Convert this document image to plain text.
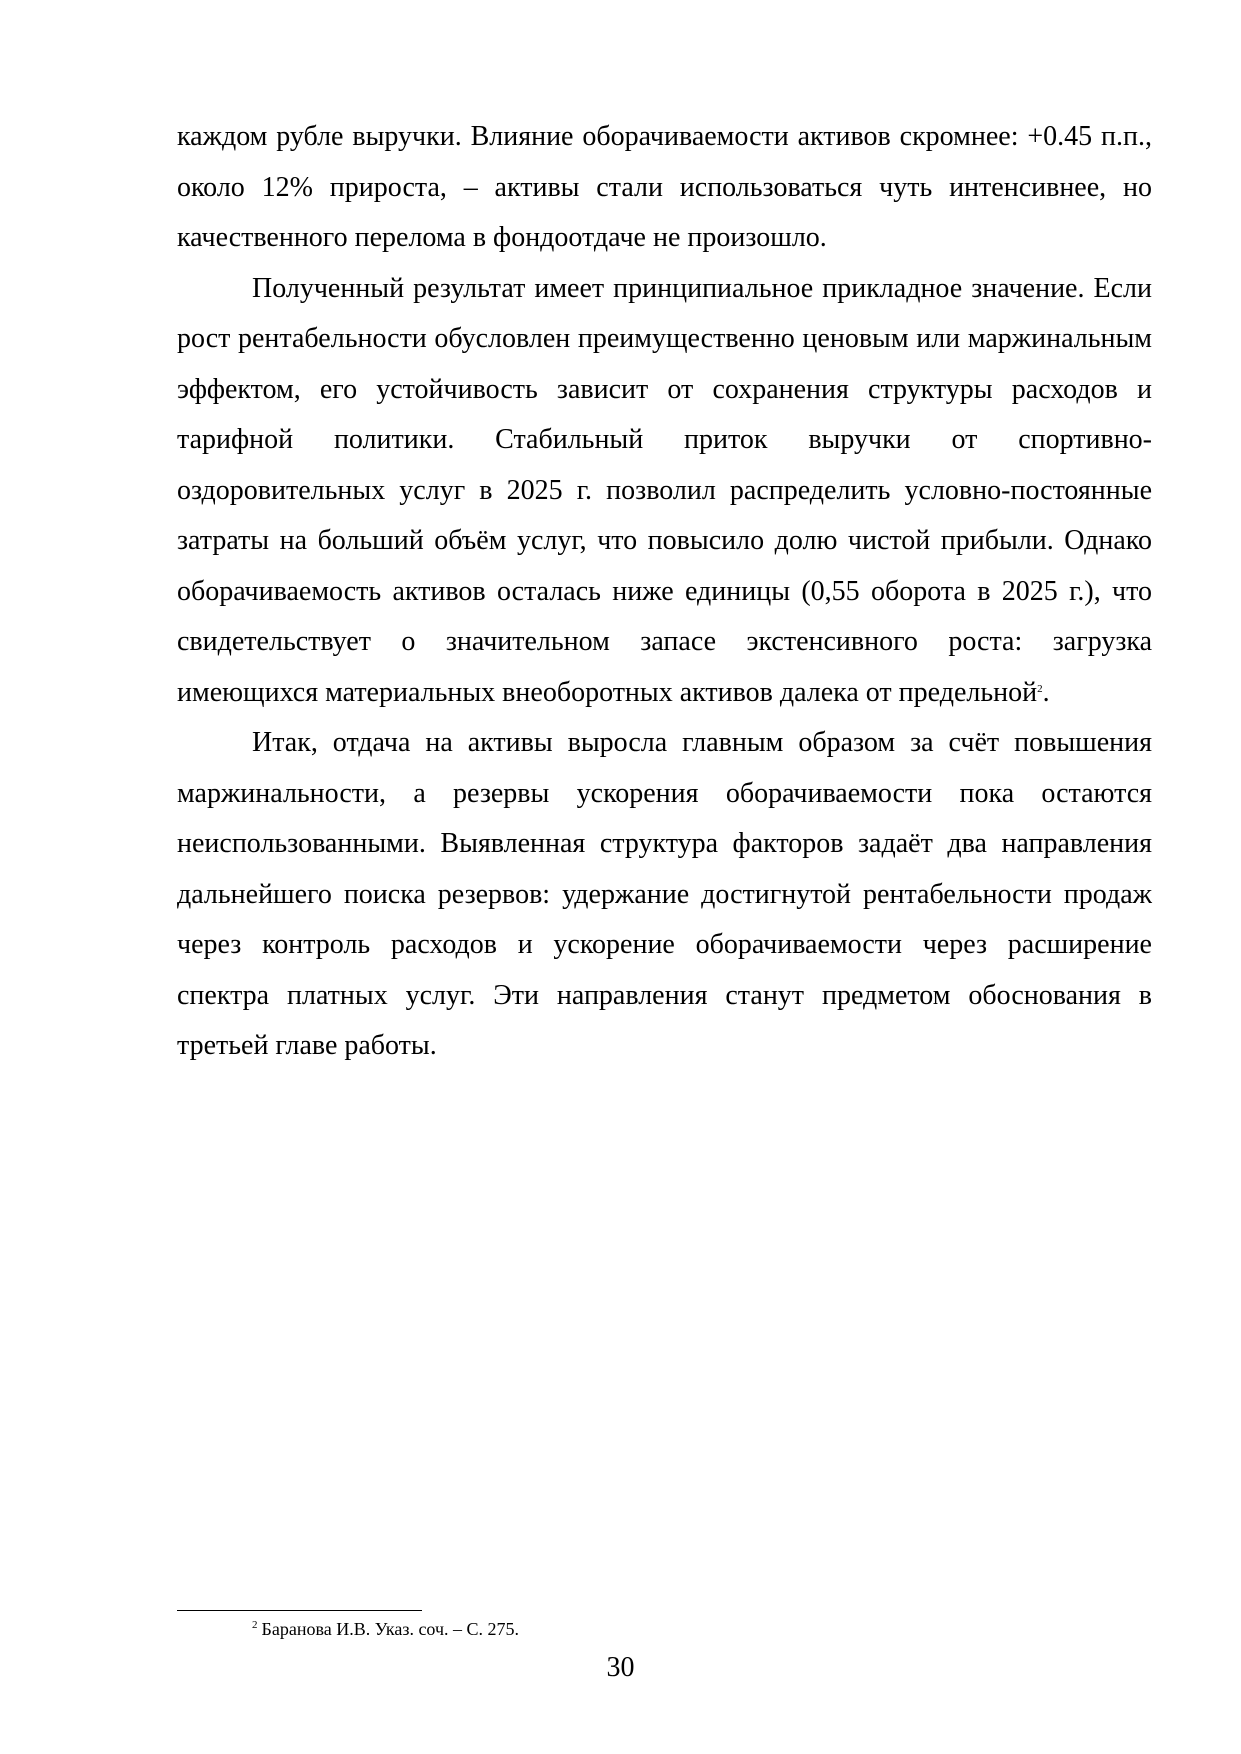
каждом рубле выручки. Влияние оборачиваемости активов скромнее: +0.45 п.п., около 12% прироста, – активы стали использоваться чуть интенсивнее, но качественного перелома в фондоотдаче не произошло.

Полученный результат имеет принципиальное прикладное значение. Если рост рентабельности обусловлен преимущественно ценовым или маржинальным эффектом, его устойчивость зависит от сохранения структуры расходов и тарифной политики. Стабильный приток выручки от спортивно-оздоровительных услуг в 2025 г. позволил распределить условно-постоянные затраты на больший объём услуг, что повысило долю чистой прибыли. Однако оборачиваемость активов осталась ниже единицы (0,55 оборота в 2025 г.), что свидетельствует о значительном запасе экстенсивного роста: загрузка имеющихся материальных внеоборотных активов далека от предельной$^2$.

Итак, отдача на активы выросла главным образом за счёт повышения маржинальности, а резервы ускорения оборачиваемости пока остаются неиспользованными. Выявленная структура факторов задаёт два направления дальнейшего поиска резервов: удержание достигнутой рентабельности продаж через контроль расходов и ускорение оборачиваемости через расширение спектра платных услуг. Эти направления станут предметом обоснования в третьей главе работы.

$^2$ Баранова И.В. Указ. соч. – С. 275.
30
